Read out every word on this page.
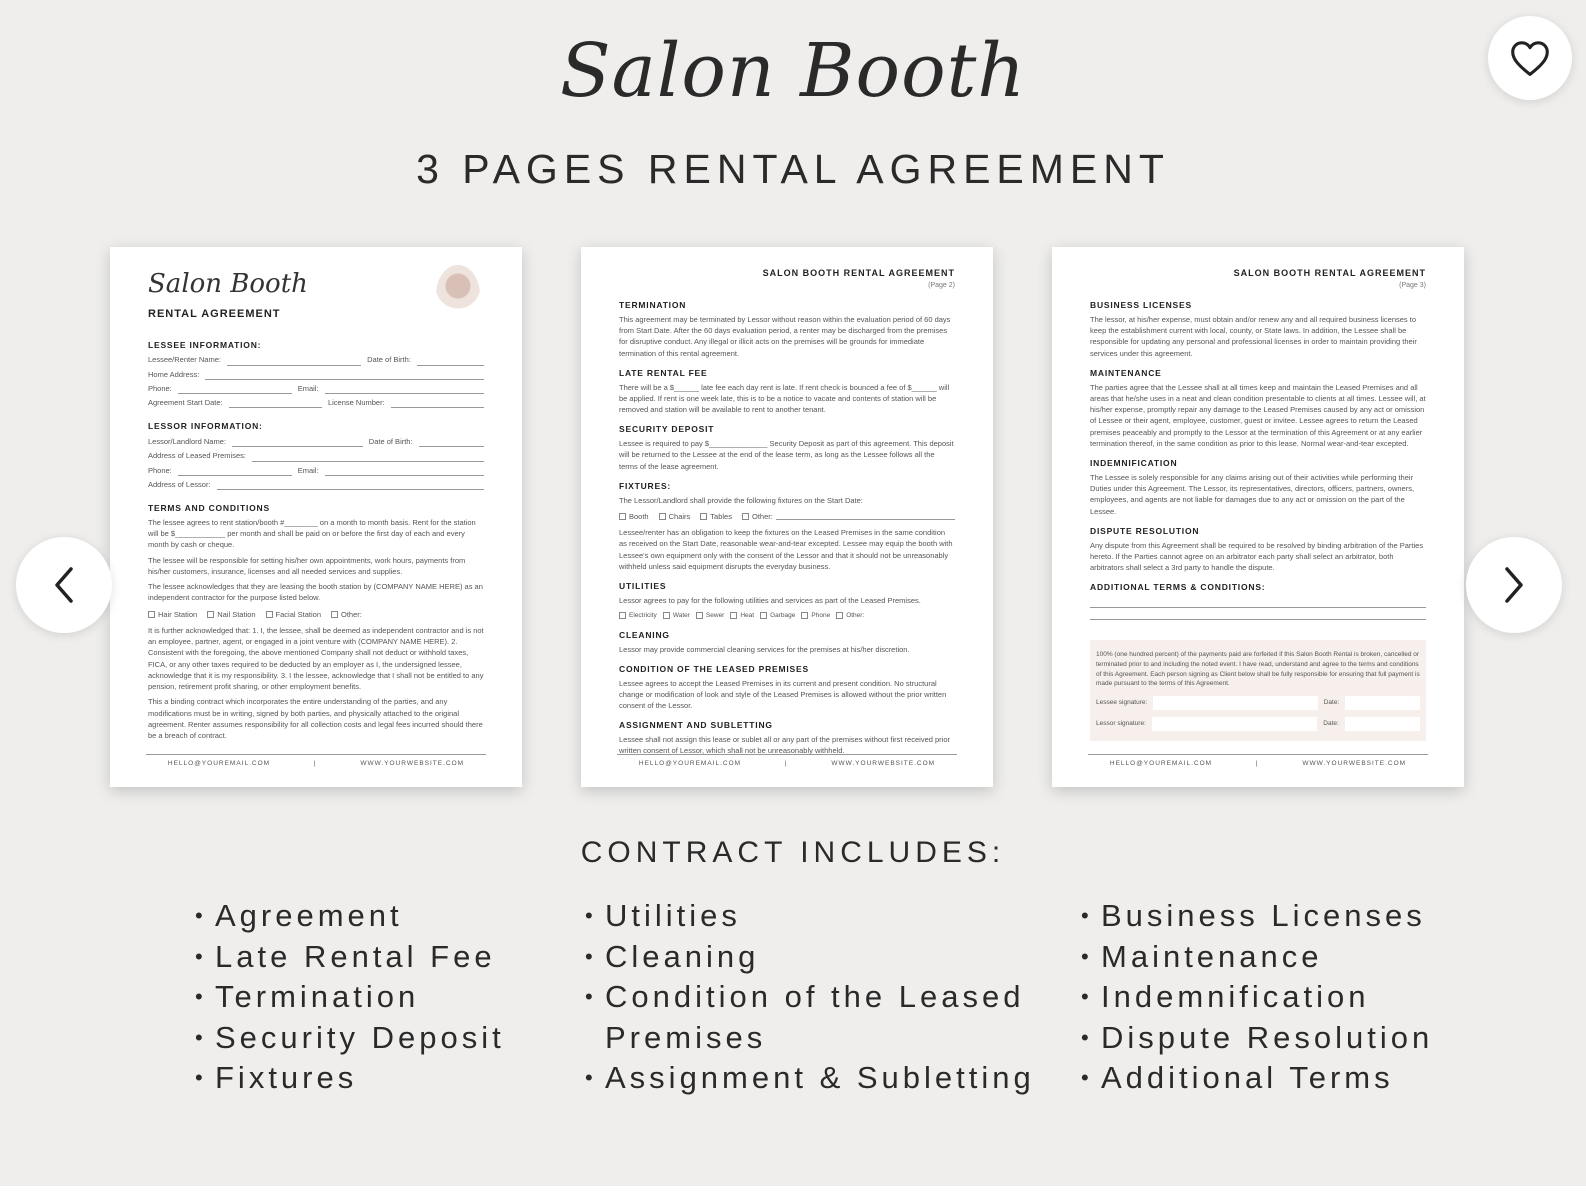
Salon Booth
3 PAGES RENTAL AGREEMENT
Salon Booth
RENTAL AGREEMENT
LESSEE INFORMATION:
Lessee/Renter Name:	Date of Birth:
Home Address:
Phone:	Email:
Agreement Start Date:	License Number:
LESSOR INFORMATION:
Lessor/Landlord Name:	Date of Birth:
Address of Leased Premises:
Phone:	Email:
Address of Lessor:
TERMS AND CONDITIONS

The lessee agrees to rent station/booth #________ on a month to month basis. Rent for the station will be $____________ per month and shall be paid on or before the first day of each and every month by cash or cheque.

The lessee will be responsible for setting his/her own appointments, work hours, payments from his/her customers, insurance, licenses and all needed services and supplies.

The lessee acknowledges that they are leasing the booth station by (COMPANY NAME HERE) as an independent contractor for the purpose listed below.

Hair Station	Nail Station	Facial Station	Other:

It is further acknowledged that: 1. I, the lessee, shall be deemed as independent contractor and is not an employee, partner, agent, or engaged in a joint venture with (COMPANY NAME HERE). 2. Consistent with the foregoing, the above mentioned Company shall not deduct or withhold taxes, FICA, or any other taxes required to be deducted by an employer as I, the undersigned lessee, acknowledge that it is my responsibility. 3. I the lessee, acknowledge that I shall not be entitled to any pension, retirement profit sharing, or other employment benefits.

This a binding contract which incorporates the entire understanding of the parties, and any modifications must be in writing, signed by both parties, and physically attached to the original agreement. Renter assumes responsibility for all collection costs and legal fees incurred should there be a breach of contract.

HELLO@YOUREMAIL.COM	|	WWW.YOURWEBSITE.COM
SALON BOOTH RENTAL AGREEMENT
(Page 2)
TERMINATION

This agreement may be terminated by Lessor without reason within the evaluation period of 60 days from Start Date. After the 60 days evaluation period, a renter may be discharged from the premises for disruptive conduct. Any illegal or illicit acts on the premises will be grounds for immediate termination of this rental agreement.

LATE RENTAL FEE

There will be a $______ late fee each day rent is late. If rent check is bounced a fee of $______ will be applied. If rent is one week late, this is to be a notice to vacate and contents of station will be removed and station will be available to rent to another tenant.

SECURITY DEPOSIT

Lessee is required to pay $______________ Security Deposit as part of this agreement. This deposit will be returned to the Lessee at the end of the lease term, as long as the Lessee follows all the terms of the lease agreement.

FIXTURES:

The Lessor/Landlord shall provide the following fixtures on the Start Date:

Booth	Chairs	Tables	Other:

Lessee/renter has an obligation to keep the fixtures on the Leased Premises in the same condition as received on the Start Date, reasonable wear-and-tear excepted. Lessee may equip the booth with Lessee's own equipment only with the consent of the Lessor and that it should not be unreasonably withheld unless said equipment disrupts the everyday business.

UTILITIES

Lessor agrees to pay for the following utilities and services as part of the Leased Premises.

Electricity Water Sewer Heat Garbage Phone Other:
CLEANING

Lessor may provide commercial cleaning services for the premises at his/her discretion.

CONDITION OF THE LEASED PREMISES

Lessee agrees to accept the Leased Premises in its current and present condition. No structural change or modification of look and style of the Leased Premises is allowed without the prior written consent of the Lessor.

ASSIGNMENT AND SUBLETTING

Lessee shall not assign this lease or sublet all or any part of the premises without first received prior written consent of Lessor, which shall not be unreasonably withheld.

HELLO@YOUREMAIL.COM	|	WWW.YOURWEBSITE.COM
SALON BOOTH RENTAL AGREEMENT
(Page 3)
BUSINESS LICENSES

The lessor, at his/her expense, must obtain and/or renew any and all required business licenses to keep the establishment current with local, county, or State laws. In addition, the Lessee shall be responsible for updating any personal and professional licenses in order to maintain providing their services under this agreement.

MAINTENANCE

The parties agree that the Lessee shall at all times keep and maintain the Leased Premises and all areas that he/she uses in a neat and clean condition presentable to clients at all times. Lessee will, at his/her expense, promptly repair any damage to the Leased Premises caused by any act or omission of Lessee or their agent, employee, customer, guest or invitee. Lessee agrees to return the Leased premises peaceably and promptly to the Lessor at the termination of this Agreement or at any earlier termination thereof, in the same condition as prior to this lease. Normal wear-and-tear excepted.

INDEMNIFICATION

The Lessee is solely responsible for any claims arising out of their activities while performing their Duties under this Agreement. The Lessor, its representatives, directors, officers, partners, owners, employees, and agents are not liable for damages due to any act or omission on the part of the Lessee.

DISPUTE RESOLUTION

Any dispute from this Agreement shall be required to be resolved by binding arbitration of the Parties hereto. If the Parties cannot agree on an arbitrator each party shall select an arbitrator, both arbitrators shall select a 3rd party to handle the dispute.

ADDITIONAL TERMS & CONDITIONS:

100% (one hundred percent) of the payments paid are forfeited if this Salon Booth Rental is broken, cancelled or terminated prior to and including the noted event. I have read, understand and agree to the terms and conditions of this Agreement. Each person signing as Client below shall be fully responsible for ensuring that full payment is made pursuant to the terms of this Agreement.

Lessee signature:	Date:
Lessor signature:	Date:
HELLO@YOUREMAIL.COM	|	WWW.YOURWEBSITE.COM
CONTRACT INCLUDES:
• Agreement
• Late Rental Fee
• Termination
• Security Deposit
• Fixtures
• Utilities
• Cleaning
• Condition of the Leased
Premises
• Assignment & Subletting
• Business Licenses
• Maintenance
• Indemnification
• Dispute Resolution
• Additional Terms
